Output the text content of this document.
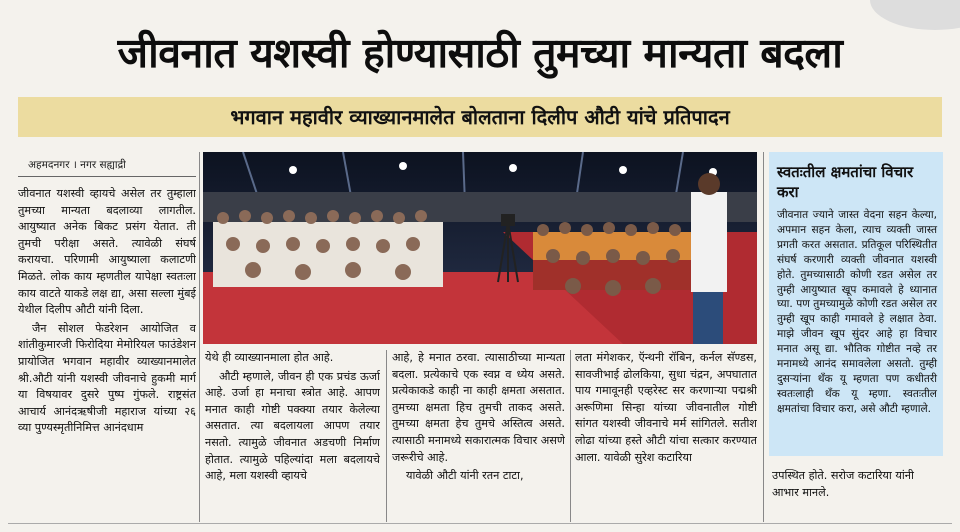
जीवनात यशस्वी होण्यासाठी तुमच्या मान्यता बदला
भगवान महावीर व्याख्यानमालेत बोलताना दिलीप औटी यांचे प्रतिपादन
अहमदनगर । नगर सह्याद्री

जीवनात यशस्वी व्हायचे असेल तर तुम्हाला तुमच्या मान्यता बदलाव्या लागतील. आयुष्यात अनेक बिकट प्रसंग येतात. ती तुमची परीक्षा असते. त्यावेळी संघर्ष करायचा. परिणामी आयुष्याला कलाटणी मिळते. लोक काय म्हणतील यापेक्षा स्वतःला काय वाटते याकडे लक्ष द्या, असा सल्ला मुंबई येथील दिलीप औटी यांनी दिला.

जैन सोशल फेडरेशन आयोजित व शांतीकुमारजी फिरोदिया मेमोरियल फाउंडेशन प्रायोजित भगवान महावीर व्याख्यानमालेत श्री.औटी यांनी यशस्वी जीवनाचे हुकमी मार्ग या विषयावर दुसरे पुष्प गुंफले. राष्ट्रसंत आचार्य आनंदऋषीजी महाराज यांच्या २६ व्या पुण्यस्मृतीनिमित्त आनंदधाम

येथे ही व्याख्यानमाला होत आहे.

औटी म्हणाले, जीवन ही एक प्रचंड ऊर्जा आहे. उर्जा हा मनाचा स्त्रोत आहे. आपण मनात काही गोष्टी पक्क्या तयार केलेल्या असतात. त्या बदलायला आपण तयार नसतो. त्यामुळे जीवनात अडचणी निर्माण होतात. त्यामुळे पहिल्यांदा मला बदलायचे आहे, मला यशस्वी व्हायचे

आहे, हे मनात ठरवा. त्यासाठीच्या मान्यता बदला. प्रत्येकाचे एक स्वप्न व ध्येय असते. प्रत्येकाकडे काही ना काही क्षमता असतात. तुमच्या क्षमता हिच तुमची ताकद असते. तुमच्या क्षमता हेच तुमचे अस्तित्व असते. त्यासाठी मनामध्ये सकारात्मक विचार असणे जरूरीचे आहे.

यावेळी औटी यांनी रतन टाटा,

लता मंगेशकर, ऍन्थनी रॉबिन, कर्नल सॅण्डस, सावजीभाई ढोलकिया, सुधा चंद्रन, अपघातात पाय गमावूनही एव्हरेस्ट सर करणाऱ्या पद्मश्री अरूणिमा सिन्हा यांच्या जीवनातील गोष्टी सांगत यशस्वी जीवनाचे मर्म सांगितले. सतीश लोढा यांच्या हस्ते औटी यांचा सत्कार करण्यात आला. यावेळी सुरेश कटारिया

स्वतःतील क्षमतांचा विचार करा
जीवनात ज्याने जास्त वेदना सहन केल्या, अपमान सहन केला, त्याच व्यक्ती जास्त प्रगती करत असतात. प्रतिकूल परिस्थितीत संघर्ष करणारी व्यक्ती जीवनात यशस्वी होते. तुमच्यासाठी कोणी रडत असेल तर तुम्ही आयुष्यात खूप कमावले हे ध्यानात घ्या. पण तुमच्यामुळे कोणी रडत असेल तर तुम्ही खूप काही गमावले हे लक्षात ठेवा. माझे जीवन खूप सुंदर आहे हा विचार मनात असू द्या. भौतिक गोष्टीत नव्हे तर मनामध्ये आनंद समावलेला असतो. तुम्ही दुसऱ्यांना थँक यू म्हणता पण कधीतरी स्वतःलाही थँक यू म्हणा. स्वतःतील क्षमतांचा विचार करा, असे औटी म्हणाले.
उपस्थित होते. सरोज कटारिया यांनी आभार मानले.
